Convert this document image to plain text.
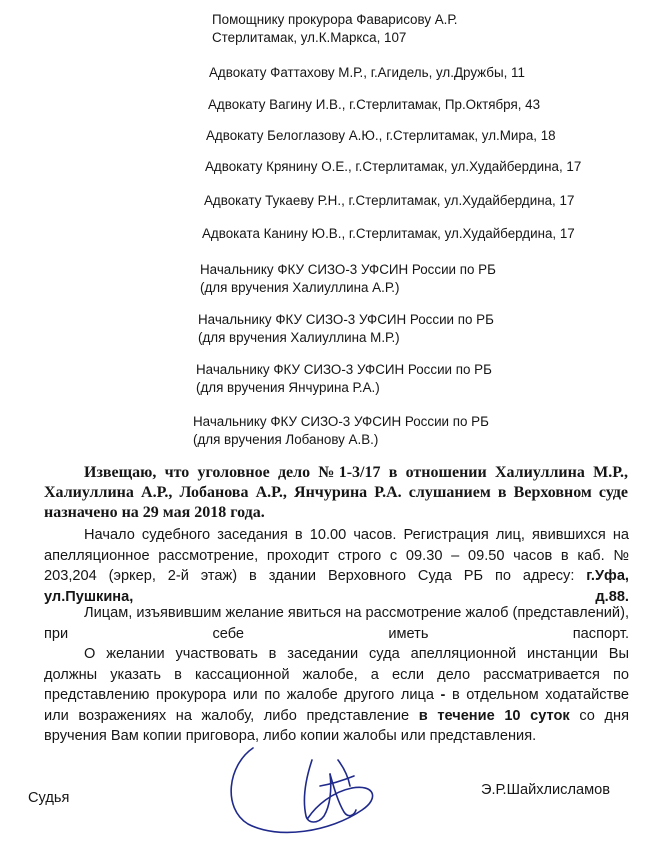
Помощнику прокурора Фаварисову А.Р.
Стерлитамак, ул.К.Маркса, 107
Адвокату Фаттахову М.Р., г.Агидель, ул.Дружбы, 11
Адвокату Вагину И.В., г.Стерлитамак, Пр.Октября, 43
Адвокату Белоглазову А.Ю., г.Стерлитамак, ул.Мира, 18
Адвокату Крянину О.Е., г.Стерлитамак, ул.Худайбердина, 17
Адвокату Тукаеву Р.Н., г.Стерлитамак, ул.Худайбердина, 17
Адвоката Канину Ю.В., г.Стерлитамак, ул.Худайбердина, 17
Начальнику ФКУ СИЗО-3 УФСИН России по РБ
(для вручения Халиуллина А.Р.)
Начальнику ФКУ СИЗО-3 УФСИН России по РБ
(для вручения Халиуллина М.Р.)
Начальнику ФКУ СИЗО-3 УФСИН России по РБ
(для вручения Янчурина Р.А.)
Начальнику ФКУ СИЗО-3 УФСИН России по РБ
(для вручения Лобанову А.В.)

Извещаю, что уголовное дело №1-3/17 в отношении Халиуллина М.Р., Халиуллина А.Р., Лобанова А.Р., Янчурина Р.А. слушанием в Верховном суде назначено на 29 мая 2018 года.

Начало судебного заседания в 10.00 часов. Регистрация лиц, явившихся на апелляционное рассмотрение, проходит строго с 09.30 – 09.50 часов в каб. № 203,204 (эркер, 2-й этаж) в здании Верховного Суда РБ по адресу: г.Уфа, ул.Пушкина, д.88.

Лицам, изъявившим желание явиться на рассмотрение жалоб (представлений), при себе иметь паспорт.

О желании участвовать в заседании суда апелляционной инстанции Вы должны указать в кассационной жалобе, а если дело рассматривается по представлению прокурора или по жалобе другого лица - в отдельном ходатайстве или возражениях на жалобу, либо представление в течение 10 суток со дня вручения Вам копии приговора, либо копии жалобы или представления.

Судья	Э.Р.Шайхлисламов
